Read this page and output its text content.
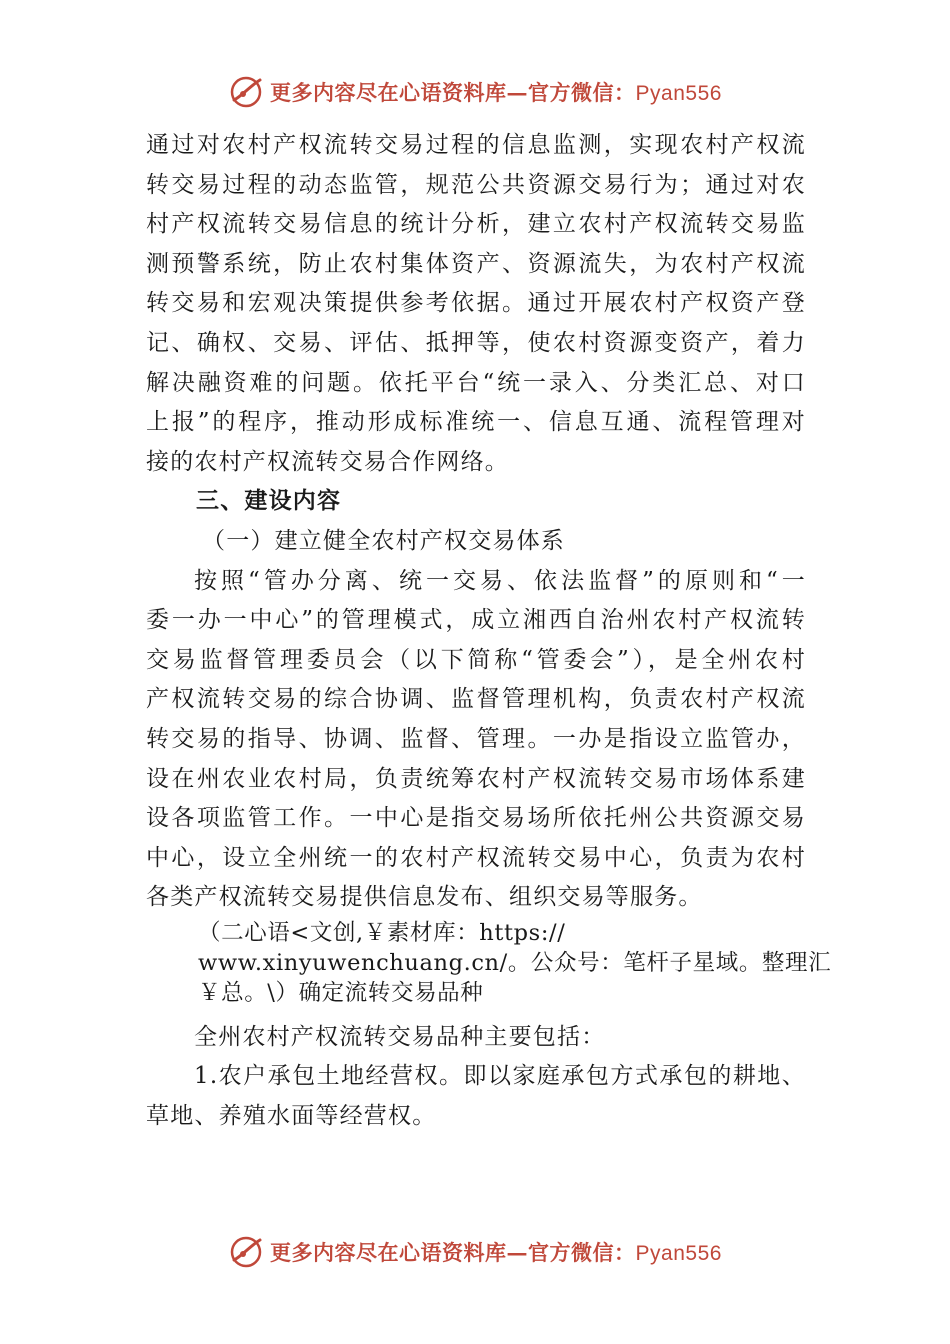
更多内容尽在心语资料库—官方微信：Pyan556
通过对农村产权流转交易过程的信息监测，实现农村产权流
转交易过程的动态监管，规范公共资源交易行为；通过对农
村产权流转交易信息的统计分析，建立农村产权流转交易监
测预警系统，防止农村集体资产、资源流失，为农村产权流
转交易和宏观决策提供参考依据。通过开展农村产权资产登
记、确权、交易、评估、抵押等，使农村资源变资产，着力
解决融资难的问题。依托平台“统一录入、分类汇总、对口
上报”的程序，推动形成标准统一、信息互通、流程管理对
接的农村产权流转交易合作网络。
三、建设内容
（一）建立健全农村产权交易体系
按照“管办分离、统一交易、依法监督”的原则和“一
委一办一中心”的管理模式，成立湘西自治州农村产权流转
交易监督管理委员会（以下简称“管委会”），是全州农村
产权流转交易的综合协调、监督管理机构，负责农村产权流
转交易的指导、协调、监督、管理。一办是指设立监管办，
设在州农业农村局，负责统筹农村产权流转交易市场体系建
设各项监管工作。一中心是指交易场所依托州公共资源交易
中心，设立全州统一的农村产权流转交易中心，负责为农村
各类产权流转交易提供信息发布、组织交易等服务。
（二心语<文创,￥素材库：https://
www.xinyuwenchuang.cn/。公众号：笔杆子星域。整理汇
￥总。\）确定流转交易品种
全州农村产权流转交易品种主要包括：
1.农户承包土地经营权。即以家庭承包方式承包的耕地、
草地、养殖水面等经营权。
更多内容尽在心语资料库—官方微信：Pyan556
